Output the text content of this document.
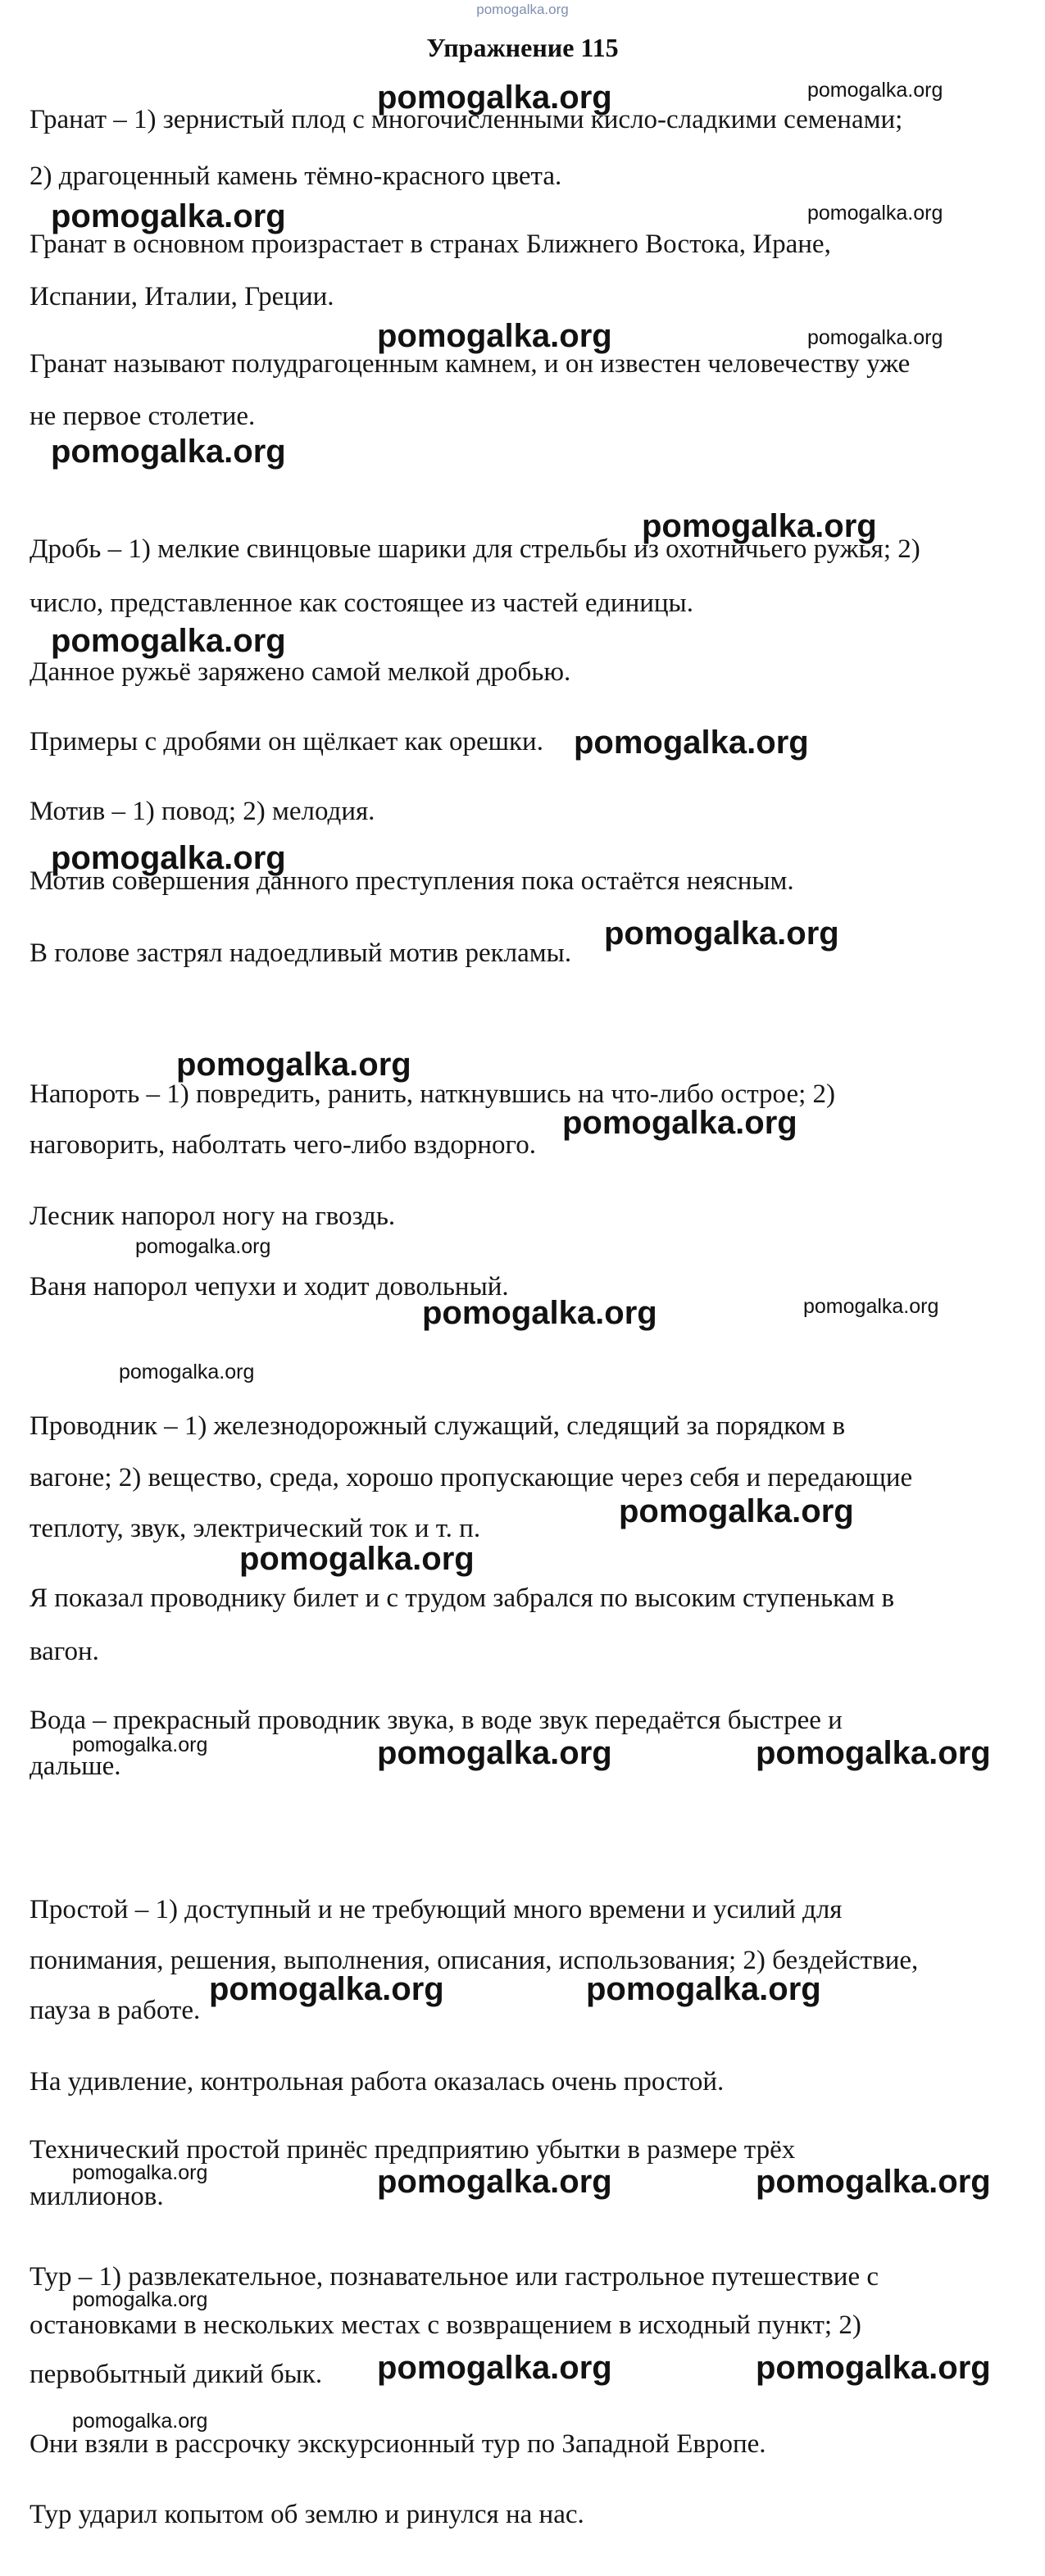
pomogalka.org
Упражнение 115
Гранат – 1) зернистый плод с многочисленными кисло-сладкими семенами;
2) драгоценный камень тёмно-красного цвета.
Гранат в основном произрастает в странах Ближнего Востока, Иране,
Испании, Италии, Греции.
Гранат называют полудрагоценным камнем, и он известен человечеству уже
не первое столетие.
Дробь – 1) мелкие свинцовые шарики для стрельбы из охотничьего ружья; 2)
число, представленное как состоящее из частей единицы.
Данное ружьё заряжено самой мелкой дробью.
Примеры с дробями он щёлкает как орешки.
Мотив – 1) повод; 2) мелодия.
Мотив совершения данного преступления пока остаётся неясным.
В голове застрял надоедливый мотив рекламы.
Напороть – 1) повредить, ранить, наткнувшись на что-либо острое; 2)
наговорить, наболтать чего-либо вздорного.
Лесник напорол ногу на гвоздь.
Ваня напорол чепухи и ходит довольный.
Проводник – 1) железнодорожный служащий, следящий за порядком в
вагоне; 2) вещество, среда, хорошо пропускающие через себя и передающие
теплоту, звук, электрический ток и т. п.
Я показал проводнику билет и с трудом забрался по высоким ступенькам в
вагон.
Вода – прекрасный проводник звука, в воде звук передаётся быстрее и
дальше.
Простой – 1) доступный и не требующий много времени и усилий для
понимания, решения, выполнения, описания, использования; 2) бездействие,
пауза в работе.
На удивление, контрольная работа оказалась очень простой.
Технический простой принёс предприятию убытки в размере трёх
миллионов.
Тур – 1) развлекательное, познавательное или гастрольное путешествие с
остановками в нескольких местах с возвращением в исходный пункт; 2)
первобытный дикий бык.
Они взяли в рассрочку экскурсионный тур по Западной Европе.
Тур ударил копытом об землю и ринулся на нас.
pomogalka.org	pomogalka.org
pomogalka.org	pomogalka.org
pomogalka.org	pomogalka.org
pomogalka.org
pomogalka.org
pomogalka.org
pomogalka.org
pomogalka.org
pomogalka.org
pomogalka.org
pomogalka.org
pomogalka.org
pomogalka.org	pomogalka.org
pomogalka.org
pomogalka.org
pomogalka.org
pomogalka.org	pomogalka.org	pomogalka.org
pomogalka.org	pomogalka.org
pomogalka.org	pomogalka.org	pomogalka.org
pomogalka.org
pomogalka.org	pomogalka.org
pomogalka.org
